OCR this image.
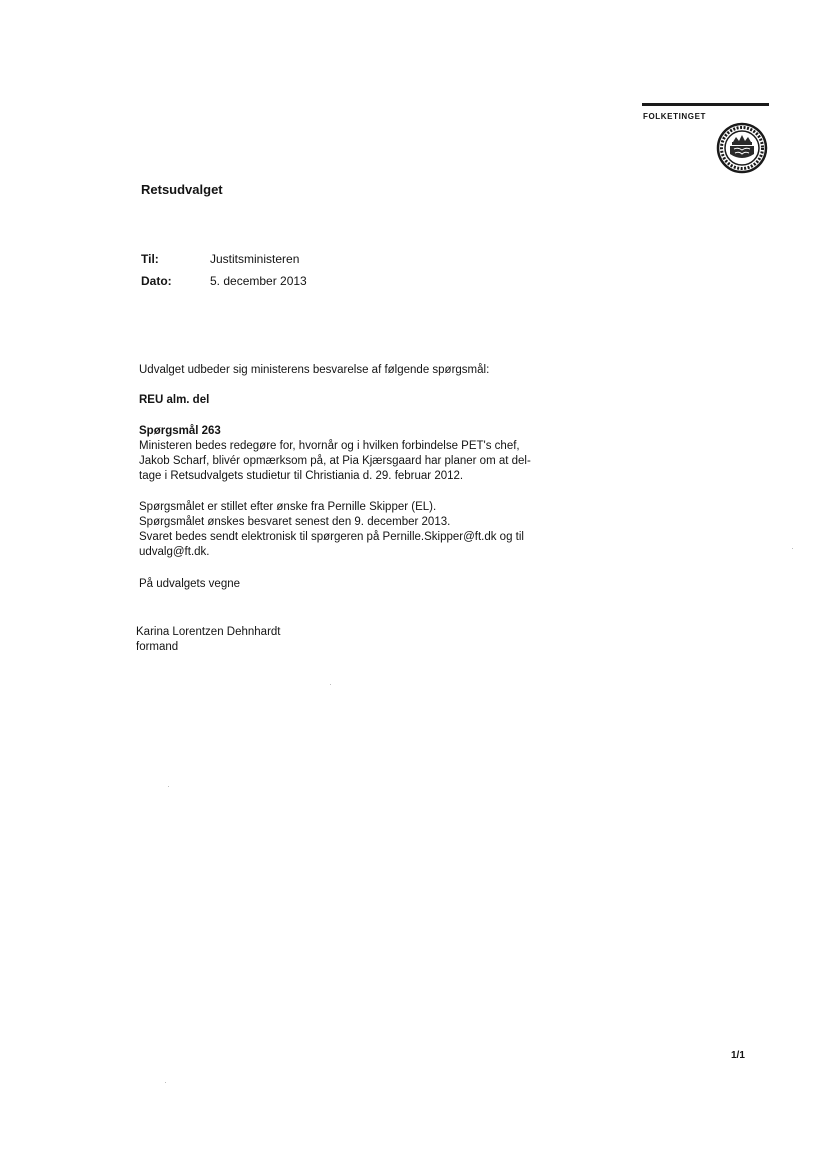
FOLKETINGET
Retsudvalget
Til:	Justitsministeren
Dato:	5. december 2013
Udvalget udbeder sig ministerens besvarelse af følgende spørgsmål:
REU alm. del
Spørgsmål 263
Ministeren bedes redegøre for, hvornår og i hvilken forbindelse PET's chef,
Jakob Scharf, blivér opmærksom på, at Pia Kjærsgaard har planer om at del-
tage i Retsudvalgets studietur til Christiania d. 29. februar 2012.
Spørgsmålet er stillet efter ønske fra Pernille Skipper (EL).
Spørgsmålet ønskes besvaret senest den 9. december 2013.
Svaret bedes sendt elektronisk til spørgeren på Pernille.Skipper@ft.dk og til
udvalg@ft.dk.
På udvalgets vegne
Karina Lorentzen Dehnhardt
formand
1/1
